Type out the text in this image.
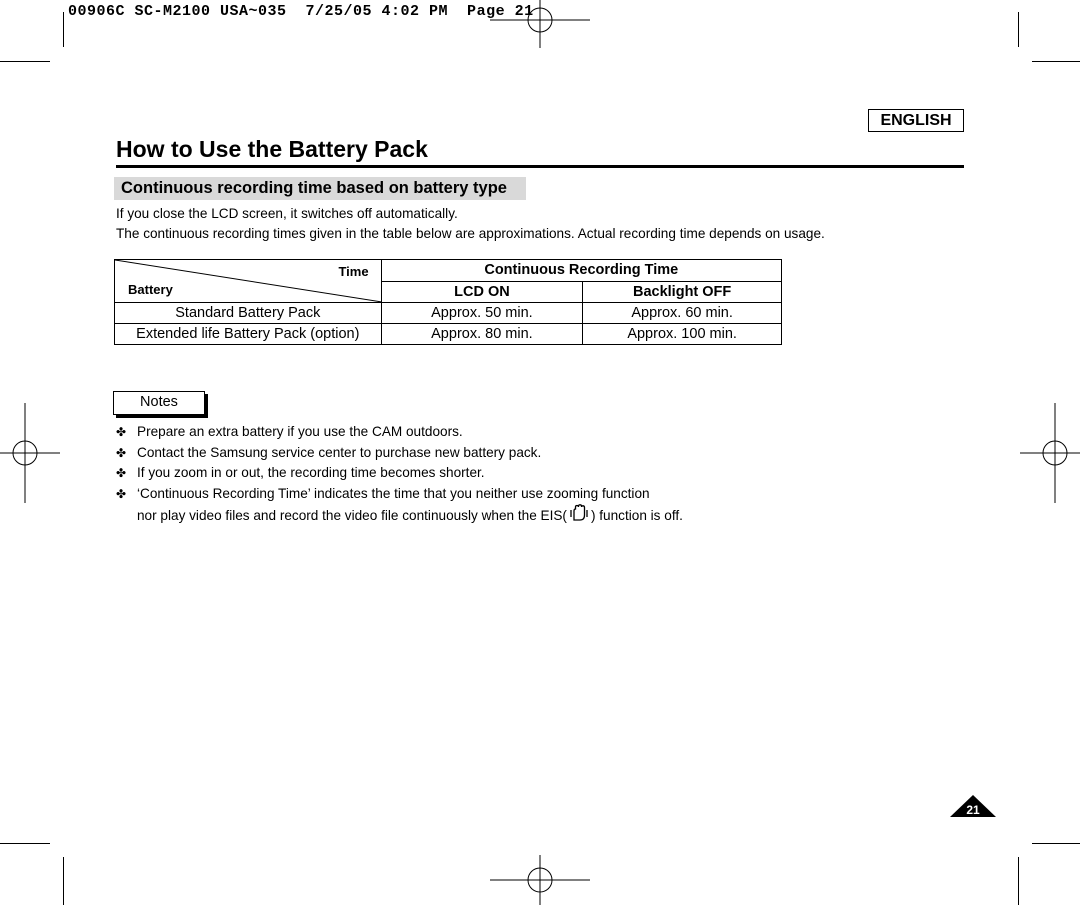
00906C SC-M2100 USA~035  7/25/05 4:02 PM  Page 21
ENGLISH
How to Use the Battery Pack
Continuous recording time based on battery type
If you close the LCD screen, it switches off automatically.
The continuous recording times given in the table below are approximations. Actual recording time depends on usage.
Time
Battery	Continuous Recording Time	
	LCD ON	Backlight OFF
Standard Battery Pack	Approx. 50 min.	Approx. 60 min.
Extended life Battery Pack (option)	Approx. 80 min.	Approx. 100 min.
Notes
✤ Prepare an extra battery if you use the CAM outdoors.
✤ Contact the Samsung service center to purchase new battery pack.
✤ If you zoom in or out, the recording time becomes shorter.
✤ ‘Continuous Recording Time’ indicates the time that you neither use zooming function
nor play video files and record the video file continuously when the EIS( ) function is off.
21
